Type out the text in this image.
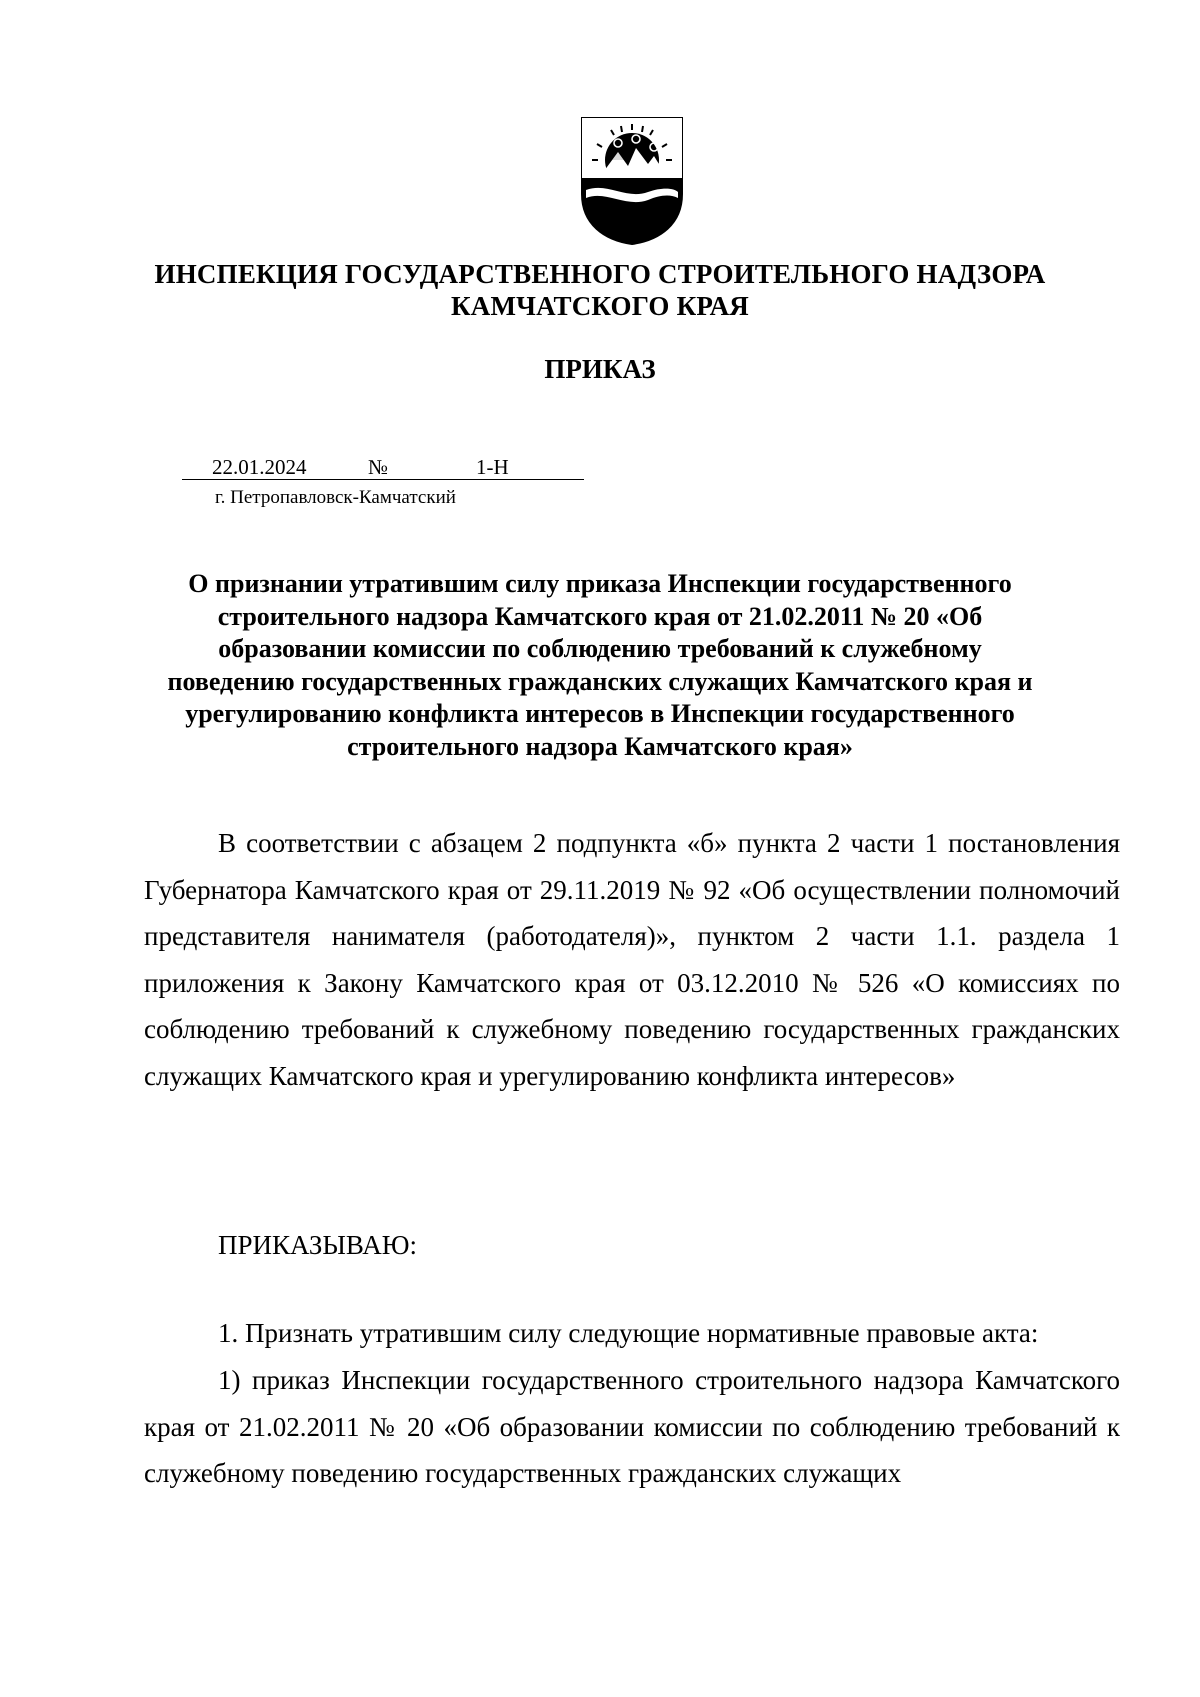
ИНСПЕКЦИЯ ГОСУДАРСТВЕННОГО СТРОИТЕЛЬНОГО НАДЗОРА
КАМЧАТСКОГО КРАЯ
ПРИКАЗ
22.01.2024	№	1-Н
г. Петропавловск-Камчатский
О признании утратившим силу приказа Инспекции государственного
строительного надзора Камчатского края от 21.02.2011 № 20 «Об
образовании комиссии по соблюдению требований к служебному
поведению государственных гражданских служащих Камчатского края и
урегулированию конфликта интересов в Инспекции государственного
строительного надзора Камчатского края»
В соответствии с абзацем 2 подпункта «б» пункта 2 части 1 постановления Губернатора Камчатского края от 29.11.2019 № 92 «Об осуществлении полномочий представителя нанимателя (работодателя)», пунктом 2 части 1.1. раздела 1 приложения к Закону Камчатского края от 03.12.2010 № 526 «О комиссиях по соблюдению требований к служебному поведению государственных гражданских служащих Камчатского края и урегулированию конфликта интересов»
ПРИКАЗЫВАЮ:
1. Признать утратившим силу следующие нормативные правовые акта:
1) приказ Инспекции государственного строительного надзора Камчатского края от 21.02.2011 № 20 «Об образовании комиссии по соблюдению требований к служебному поведению государственных гражданских служащих
